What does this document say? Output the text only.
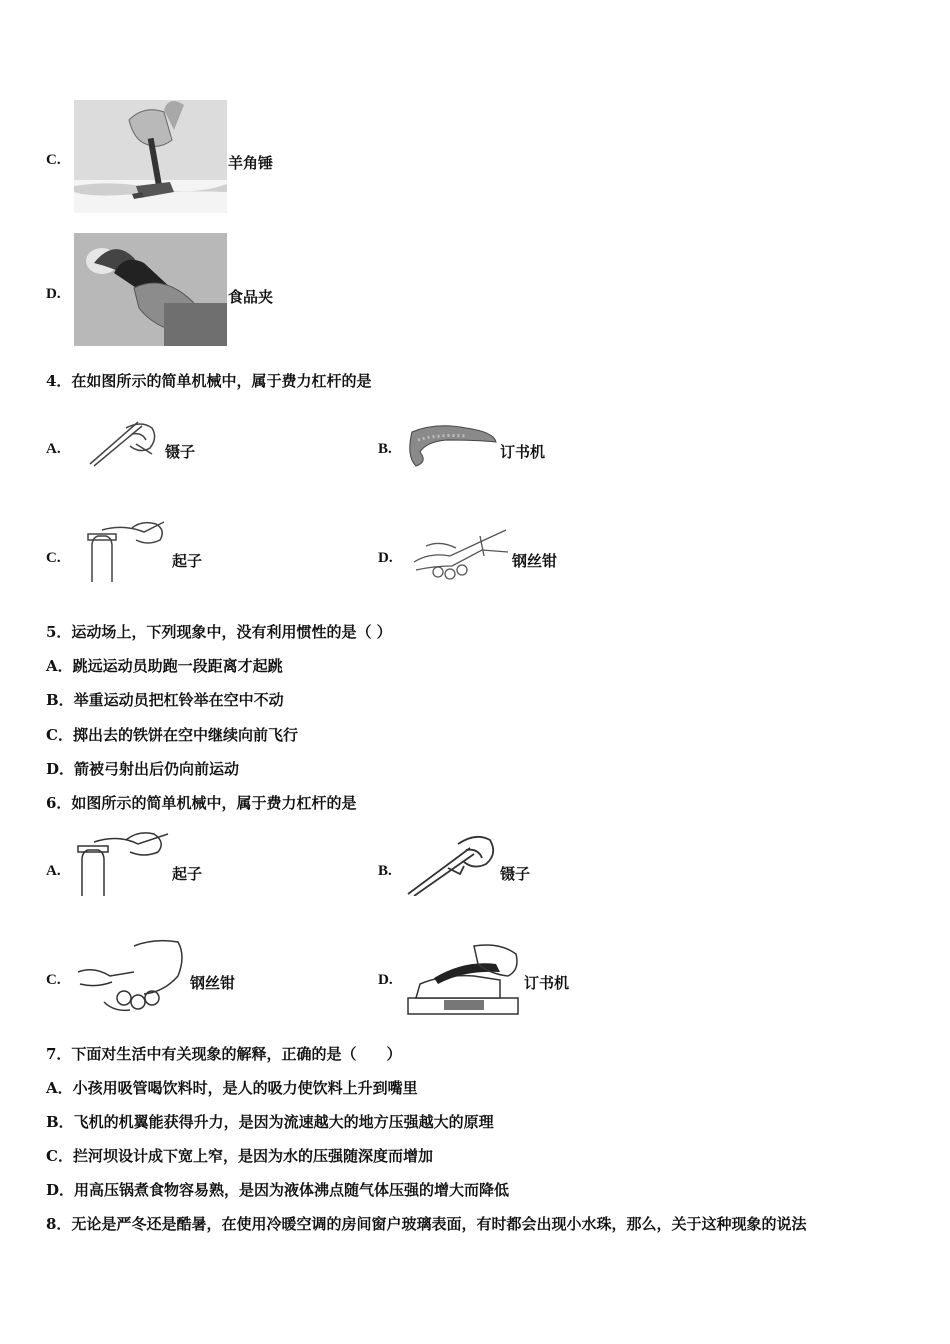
C.	羊角锤
D.	食品夹
4．在如图所示的简单机械中，属于费力杠杆的是
A.	镊子	B.	订书机
C.	起子	D.	钢丝钳
5．运动场上，下列现象中，没有利用惯性的是（ ）
A．跳远运动员助跑一段距离才起跳
B．举重运动员把杠铃举在空中不动
C．掷出去的铁饼在空中继续向前飞行
D．箭被弓射出后仍向前运动
6．如图所示的简单机械中，属于费力杠杆的是
A.	起子	B.	镊子
C.	钢丝钳	D.	订书机
7．下面对生活中有关现象的解释，正确的是（　　）
A．小孩用吸管喝饮料时，是人的吸力使饮料上升到嘴里
B．飞机的机翼能获得升力，是因为流速越大的地方压强越大的原理
C．拦河坝设计成下宽上窄，是因为水的压强随深度而增加
D．用高压锅煮食物容易熟，是因为液体沸点随气体压强的增大而降低
8．无论是严冬还是酷暑，在使用冷暖空调的房间窗户玻璃表面，有时都会出现小水珠，那么，关于这种现象的说法
